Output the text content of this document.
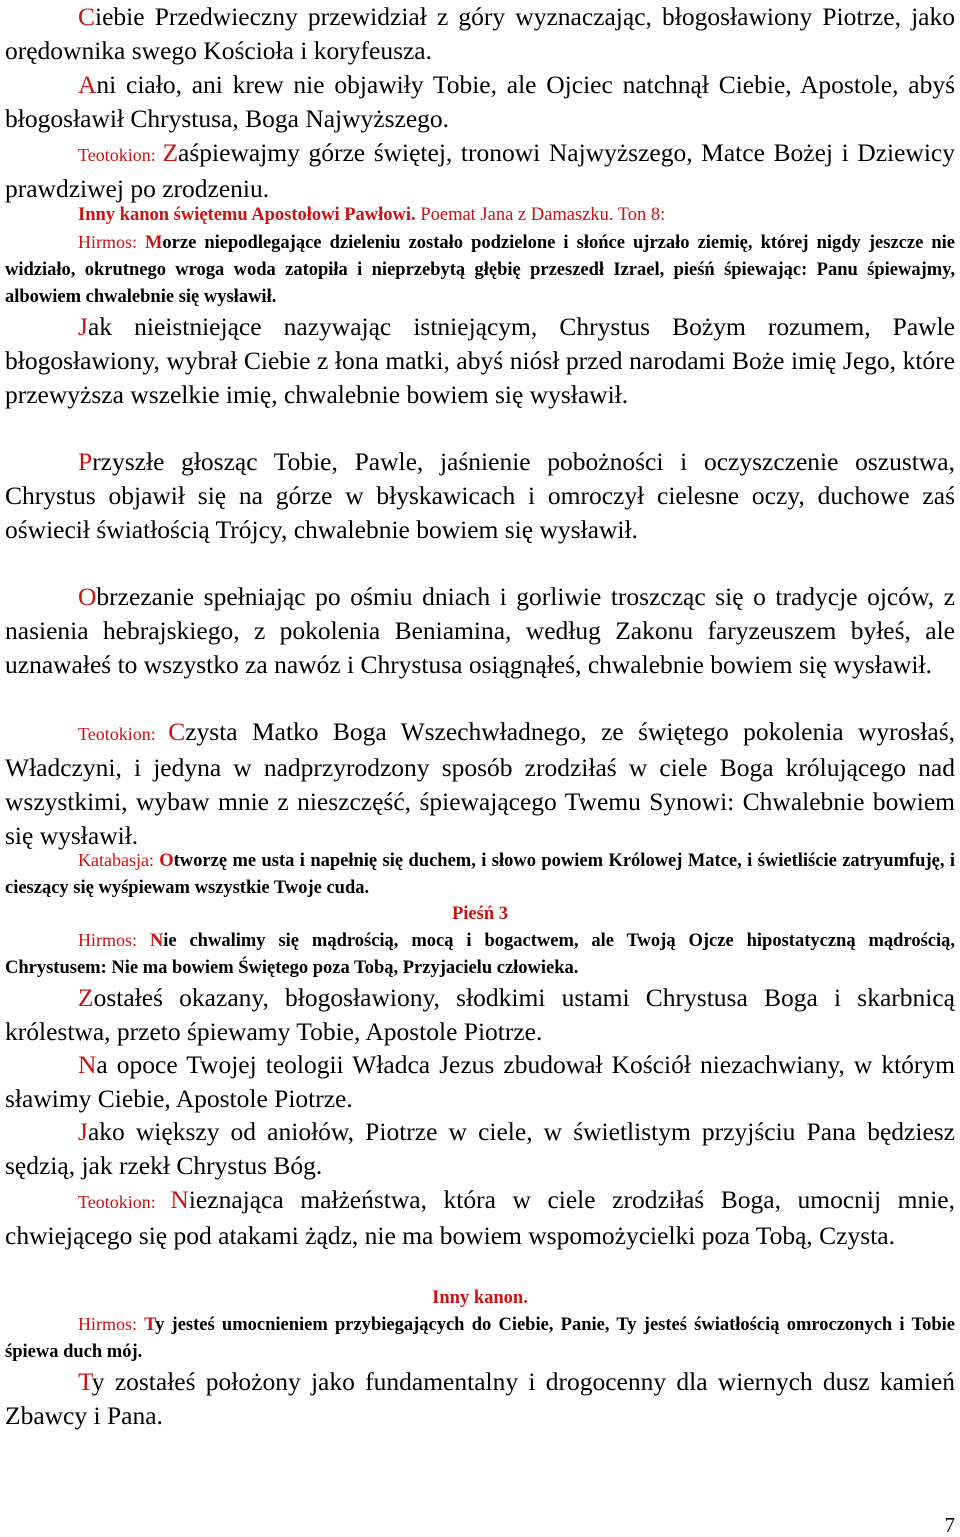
Ciebie Przedwieczny przewidział z góry wyznaczając, błogosławiony Piotrze, jako orędownika swego Kościoła i koryfeusza.

Ani ciało, ani krew nie objawiły Tobie, ale Ojciec natchnął Ciebie, Apostole, abyś błogosławił Chrystusa, Boga Najwyższego.

Teotokion: Zaśpiewajmy górze świętej, tronowi Najwyższego, Matce Bożej i Dziewicy prawdziwej po zrodzeniu.

Inny kanon świętemu Apostołowi Pawłowi. Poemat Jana z Damaszku. Ton 8:

Hirmos: Morze niepodlegające dzieleniu zostało podzielone i słońce ujrzało ziemię, której nigdy jeszcze nie widziało, okrutnego wroga woda zatopiła i nieprzebytą głębię przeszedł Izrael, pieśń śpiewając: Panu śpiewajmy, albowiem chwalebnie się wysławił.

Jak nieistniejące nazywając istniejącym, Chrystus Bożym rozumem, Pawle błogosławiony, wybrał Ciebie z łona matki, abyś niósł przed narodami Boże imię Jego, które przewyższa wszelkie imię, chwalebnie bowiem się wysławił.

Przyszłe głosząc Tobie, Pawle, jaśnienie pobożności i oczyszczenie oszustwa, Chrystus objawił się na górze w błyskawicach i omroczył cielesne oczy, duchowe zaś oświecił światłością Trójcy, chwalebnie bowiem się wysławił.

Obrzezanie spełniając po ośmiu dniach i gorliwie troszcząc się o tradycje ojców, z nasienia hebrajskiego, z pokolenia Beniamina, według Zakonu faryzeuszem byłeś, ale uznawałeś to wszystko za nawóz i Chrystusa osiągnąłeś, chwalebnie bowiem się wysławił.

Teotokion: Czysta Matko Boga Wszechwładnego, ze świętego pokolenia wyrosłaś, Władczyni, i jedyna w nadprzyrodzony sposób zrodziłaś w ciele Boga królującego nad wszystkimi, wybaw mnie z nieszczęść, śpiewającego Twemu Synowi: Chwalebnie bowiem się wysławił.

Katabasja: Otworzę me usta i napełnię się duchem, i słowo powiem Królowej Matce, i świetliście zatryumfuję, i cieszący się wyśpiewam wszystkie Twoje cuda.

Pieśń 3

Hirmos: Nie chwalimy się mądrością, mocą i bogactwem, ale Twoją Ojcze hipostatyczną mądrością, Chrystusem: Nie ma bowiem Świętego poza Tobą, Przyjacielu człowieka.

Zostałeś okazany, błogosławiony, słodkimi ustami Chrystusa Boga i skarbnicą królestwa, przeto śpiewamy Tobie, Apostole Piotrze.

Na opoce Twojej teologii Władca Jezus zbudował Kościół niezachwiany, w którym sławimy Ciebie, Apostole Piotrze.

Jako większy od aniołów, Piotrze w ciele, w świetlistym przyjściu Pana będziesz sędzią, jak rzekł Chrystus Bóg.

Teotokion: Nieznająca małżeństwa, która w ciele zrodziłaś Boga, umocnij mnie, chwiejącego się pod atakami żądz, nie ma bowiem wspomożycielki poza Tobą, Czysta.

Inny kanon.

Hirmos: Ty jesteś umocnieniem przybiegających do Ciebie, Panie, Ty jesteś światłością omroczonych i Tobie śpiewa duch mój.

Ty zostałeś położony jako fundamentalny i drogocenny dla wiernych dusz kamień Zbawcy i Pana.

7
